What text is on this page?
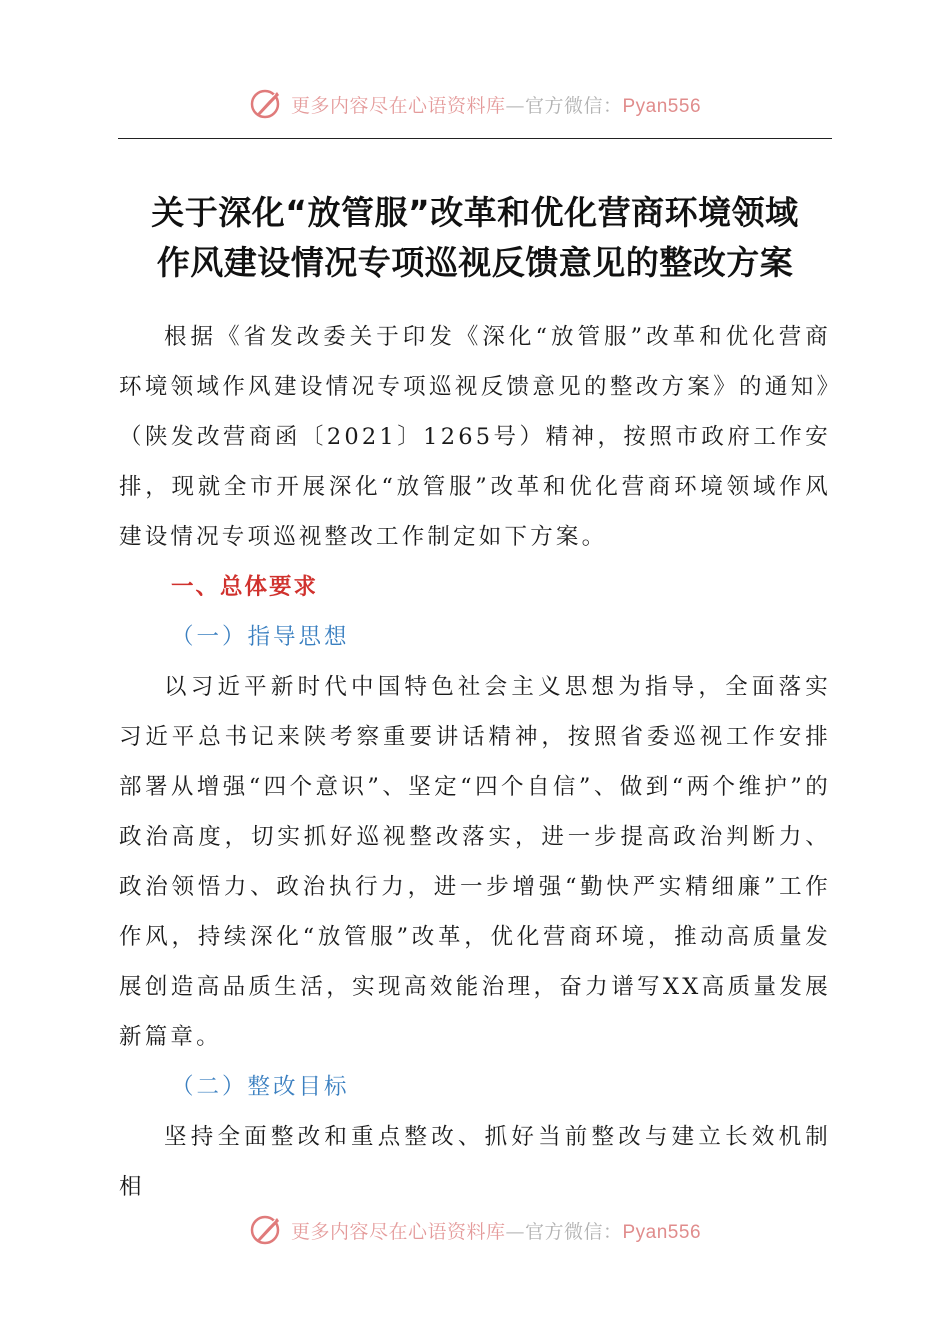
更多内容尽在心语资料库—官方微信：Pyan556
关于深化“放管服”改革和优化营商环境领域
作风建设情况专项巡视反馈意见的整改方案

根据《省发改委关于印发《深化“放管服”改革和优化营商环境领域作风建设情况专项巡视反馈意见的整改方案》的通知》（陕发改营商函〔2021〕1265号）精神，按照市政府工作安排，现就全市开展深化“放管服”改革和优化营商环境领域作风建设情况专项巡视整改工作制定如下方案。

一、总体要求

（一）指导思想

以习近平新时代中国特色社会主义思想为指导，全面落实习近平总书记来陕考察重要讲话精神，按照省委巡视工作安排部署从增强“四个意识”、坚定“四个自信”、做到“两个维护”的政治高度，切实抓好巡视整改落实，进一步提高政治判断力、政治领悟力、政治执行力，进一步增强“勤快严实精细廉”工作作风，持续深化“放管服”改革，优化营商环境，推动高质量发展创造高品质生活，实现高效能治理，奋力谱写XX高质量发展新篇章。

（二）整改目标

坚持全面整改和重点整改、抓好当前整改与建立长效机制相

更多内容尽在心语资料库—官方微信：Pyan556
